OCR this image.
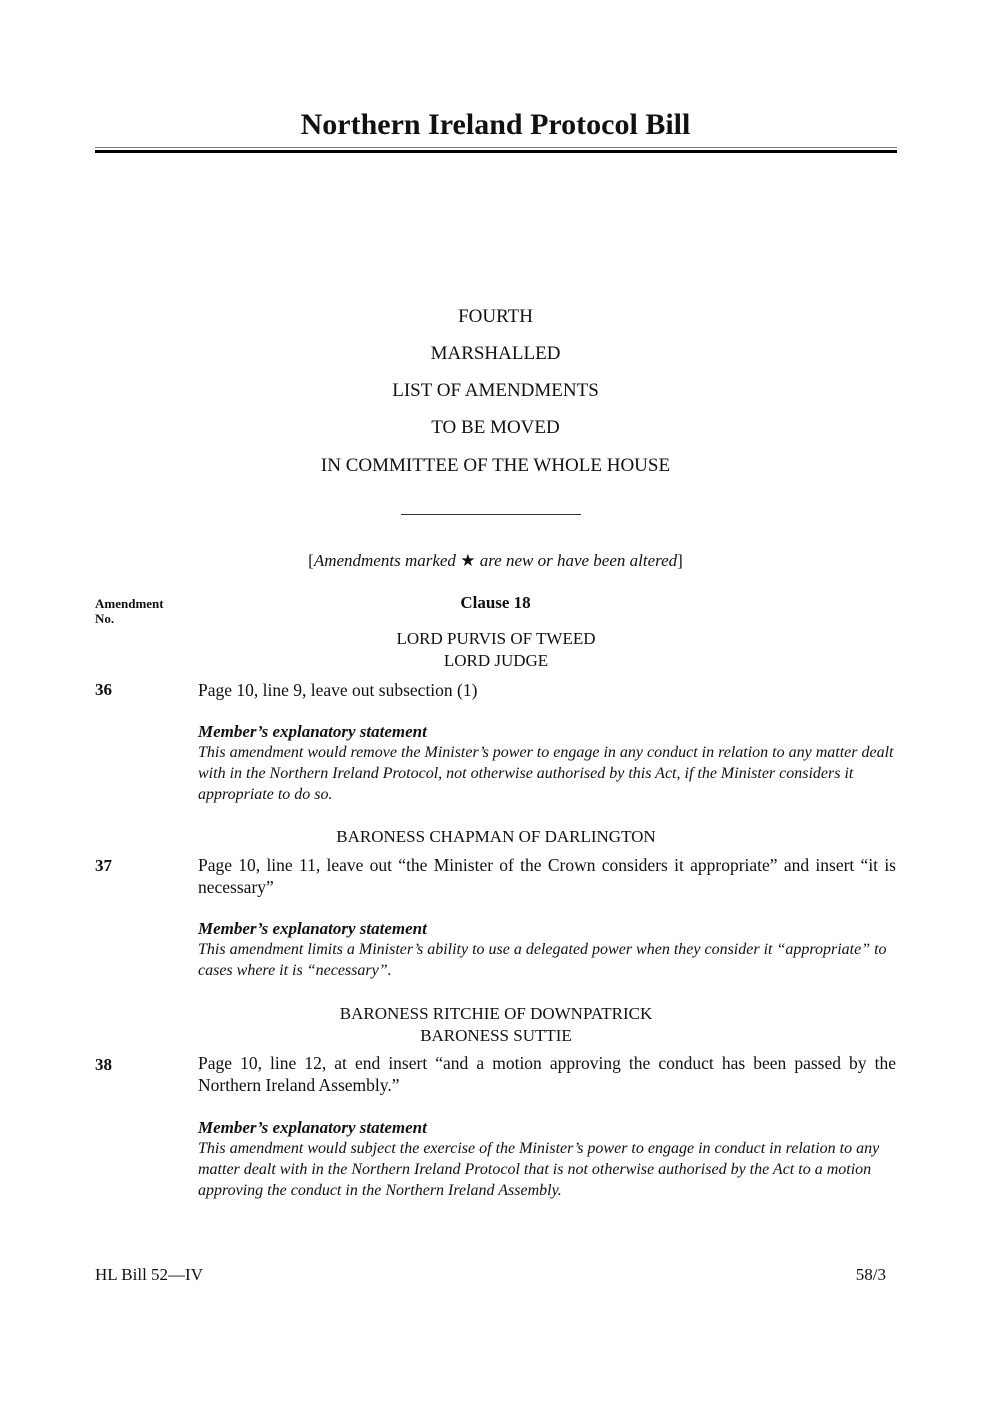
Northern Ireland Protocol Bill
FOURTH
MARSHALLED
LIST OF AMENDMENTS
TO BE MOVED
IN COMMITTEE OF THE WHOLE HOUSE
[Amendments marked ★ are new or have been altered]
Amendment
No.
Clause 18
LORD PURVIS OF TWEED
LORD JUDGE
36	Page 10, line 9, leave out subsection (1)
Member’s explanatory statement
This amendment would remove the Minister’s power to engage in any conduct in relation to any matter dealt with in the Northern Ireland Protocol, not otherwise authorised by this Act, if the Minister considers it appropriate to do so.
BARONESS CHAPMAN OF DARLINGTON
37	Page 10, line 11, leave out “the Minister of the Crown considers it appropriate” and insert “it is necessary”
Member’s explanatory statement
This amendment limits a Minister’s ability to use a delegated power when they consider it “appropriate” to cases where it is “necessary”.
BARONESS RITCHIE OF DOWNPATRICK
BARONESS SUTTIE
38	Page 10, line 12, at end insert “and a motion approving the conduct has been passed by the Northern Ireland Assembly.”
Member’s explanatory statement
This amendment would subject the exercise of the Minister’s power to engage in conduct in relation to any matter dealt with in the Northern Ireland Protocol that is not otherwise authorised by the Act to a motion approving the conduct in the Northern Ireland Assembly.
HL Bill 52—IV	58/3
